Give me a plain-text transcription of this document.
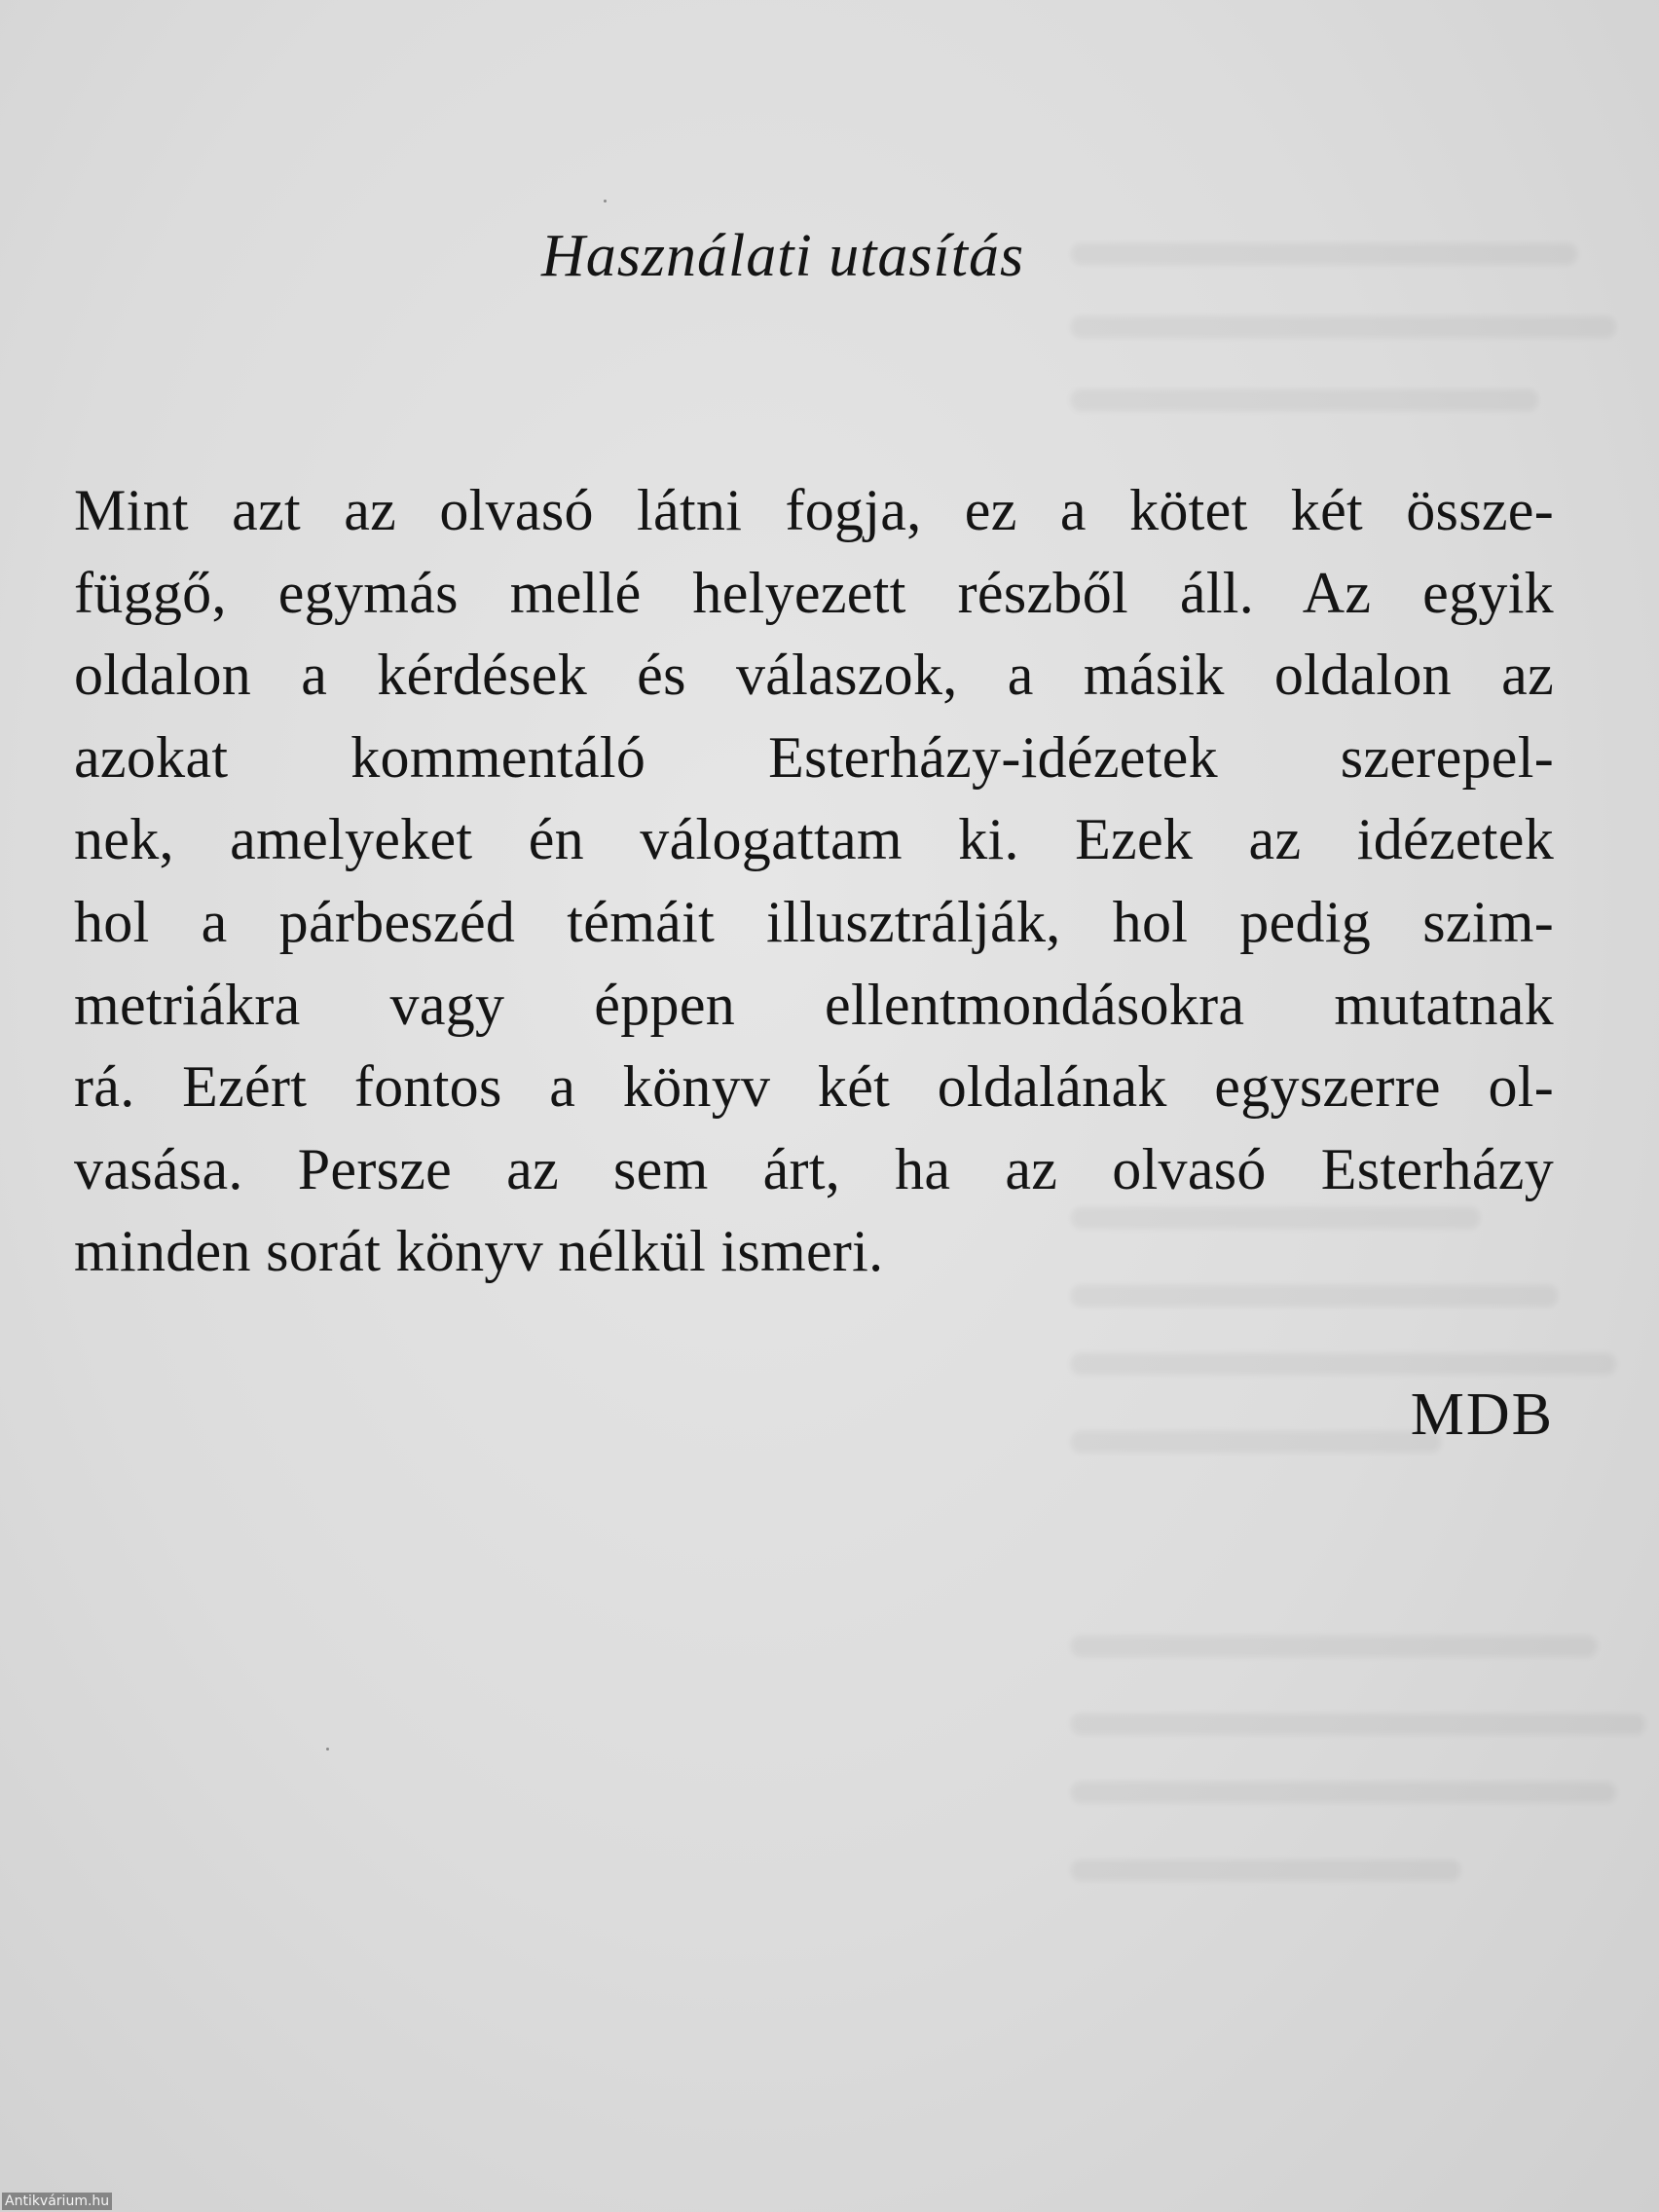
Használati utasítás
Mint azt az olvasó látni fogja, ez a kötet két össze-
függő, egymás mellé helyezett részből áll. Az egyik
oldalon a kérdések és válaszok, a másik oldalon az
azokat kommentáló Esterházy-idézetek szerepel-
nek, amelyeket én válogattam ki. Ezek az idézetek
hol a párbeszéd témáit illusztrálják, hol pedig szim-
metriákra vagy éppen ellentmondásokra mutatnak
rá. Ezért fontos a könyv két oldalának egyszerre ol-
vasása. Persze az sem árt, ha az olvasó Esterházy
minden sorát könyv nélkül ismeri.

MDB

Antikvárium.hu
